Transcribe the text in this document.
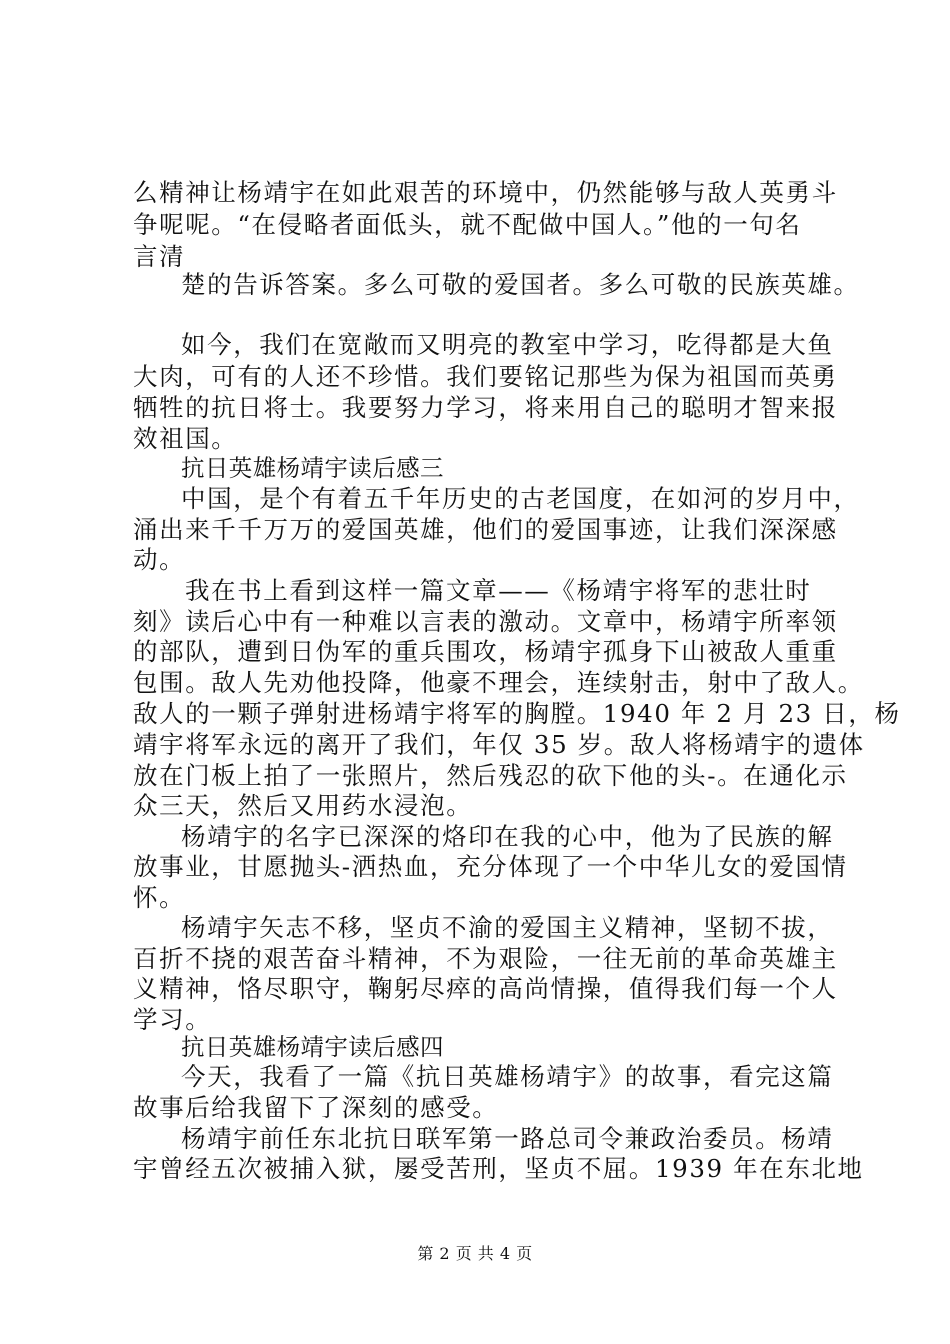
么精神让杨靖宇在如此艰苦的环境中，仍然能够与敌人英勇斗
争呢呢。“在侵略者面低头，就不配做中国人。”他的一句名
言清
楚的告诉答案。多么可敬的爱国者。多么可敬的民族英雄。
如今，我们在宽敞而又明亮的教室中学习，吃得都是大鱼
大肉，可有的人还不珍惜。我们要铭记那些为保为祖国而英勇
牺牲的抗日将士。我要努力学习，将来用自己的聪明才智来报
效祖国。
抗日英雄杨靖宇读后感三
中国，是个有着五千年历史的古老国度，在如河的岁月中，
涌出来千千万万的爱国英雄，他们的爱国事迹，让我们深深感
动。
我在书上看到这样一篇文章——《杨靖宇将军的悲壮时
刻》读后心中有一种难以言表的激动。文章中，杨靖宇所率领
的部队，遭到日伪军的重兵围攻，杨靖宇孤身下山被敌人重重
包围。敌人先劝他投降，他豪不理会，连续射击，射中了敌人。
敌人的一颗子弹射进杨靖宇将军的胸膛。1940 年 2 月 23 日，杨
靖宇将军永远的离开了我们，年仅 35 岁。敌人将杨靖宇的遗体
放在门板上拍了一张照片，然后残忍的砍下他的头-。在通化示
众三天，然后又用药水浸泡。
杨靖宇的名字已深深的烙印在我的心中，他为了民族的解
放事业，甘愿抛头-洒热血，充分体现了一个中华儿女的爱国情
怀。
杨靖宇矢志不移，坚贞不渝的爱国主义精神，坚韧不拔，
百折不挠的艰苦奋斗精神，不为艰险，一往无前的革命英雄主
义精神，恪尽职守，鞠躬尽瘁的高尚情操，值得我们每一个人
学习。
抗日英雄杨靖宇读后感四
今天，我看了一篇《抗日英雄杨靖宇》的故事，看完这篇
故事后给我留下了深刻的感受。
杨靖宇前任东北抗日联军第一路总司令兼政治委员。杨靖
宇曾经五次被捕入狱，屡受苦刑，坚贞不屈。1939 年在东北地
第 2 页 共 4 页
